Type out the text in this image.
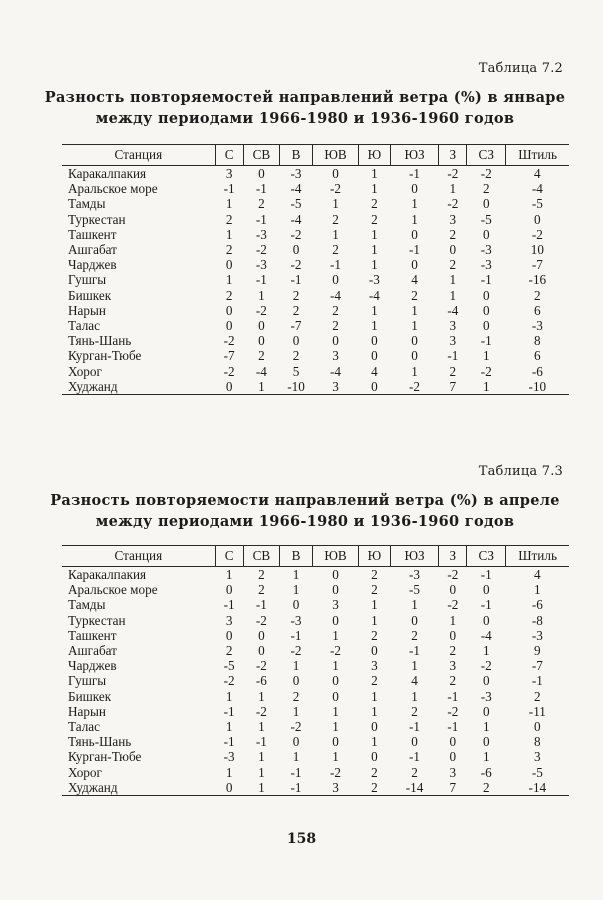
Таблица 7.2
Разность повторяемостей направлений ветра (%) в январе
между периодами 1966-1980 и 1936-1960 годов
Станция	С	СВ	В	ЮВ	Ю	ЮЗ	З	СЗ	Штиль
Каракалпакия	3	0	-3	0	1	-1	-2	-2	4
Аральское море	-1	-1	-4	-2	1	0	1	2	-4
Тамды	1	2	-5	1	2	1	-2	0	-5
Туркестан	2	-1	-4	2	2	1	3	-5	0
Ташкент	1	-3	-2	1	1	0	2	0	-2
Ашгабат	2	-2	0	2	1	-1	0	-3	10
Чарджев	0	-3	-2	-1	1	0	2	-3	-7
Гушгы	1	-1	-1	0	-3	4	1	-1	-16
Бишкек	2	1	2	-4	-4	2	1	0	2
Нарын	0	-2	2	2	1	1	-4	0	6
Талас	0	0	-7	2	1	1	3	0	-3
Тянь-Шань	-2	0	0	0	0	0	3	-1	8
Курган-Тюбе	-7	2	2	3	0	0	-1	1	6
Хорог	-2	-4	5	-4	4	1	2	-2	-6
Худжанд	0	1	-10	3	0	-2	7	1	-10
Таблица 7.3
Разность повторяемости направлений ветра (%) в апреле
между периодами 1966-1980 и 1936-1960 годов
Станция	С	СВ	В	ЮВ	Ю	ЮЗ	З	СЗ	Штиль
Каракалпакия	1	2	1	0	2	-3	-2	-1	4
Аральское море	0	2	1	0	2	-5	0	0	1
Тамды	-1	-1	0	3	1	1	-2	-1	-6
Туркестан	3	-2	-3	0	1	0	1	0	-8
Ташкент	0	0	-1	1	2	2	0	-4	-3
Ашгабат	2	0	-2	-2	0	-1	2	1	9
Чарджев	-5	-2	1	1	3	1	3	-2	-7
Гушгы	-2	-6	0	0	2	4	2	0	-1
Бишкек	1	1	2	0	1	1	-1	-3	2
Нарын	-1	-2	1	1	1	2	-2	0	-11
Талас	1	1	-2	1	0	-1	-1	1	0
Тянь-Шань	-1	-1	0	0	1	0	0	0	8
Курган-Тюбе	-3	1	1	1	0	-1	0	1	3
Хорог	1	1	-1	-2	2	2	3	-6	-5
Худжанд	0	1	-1	3	2	-14	7	2	-14
158
